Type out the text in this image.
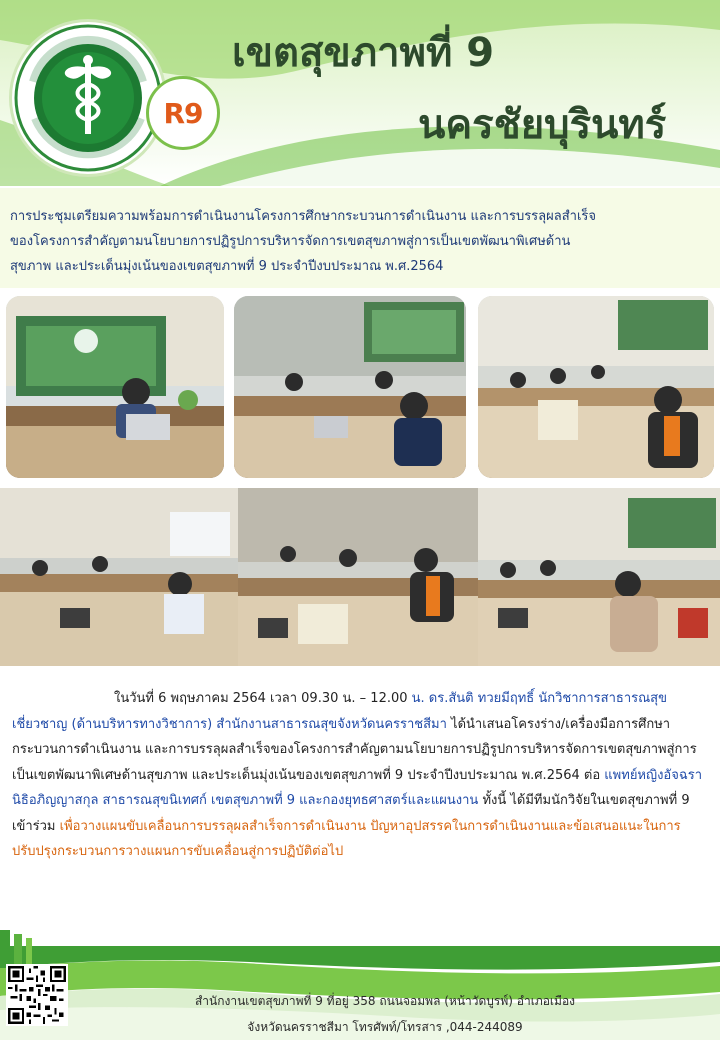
R9
เขตสุขภาพที่ 9
นครชัยบุรินทร์
การประชุมเตรียมความพร้อมการดำเนินงานโครงการศึกษากระบวนการดำเนินงาน และการบรรลุผลสำเร็จ
ของโครงการสำคัญตามนโยบายการปฏิรูปการบริหารจัดการเขตสุขภาพสู่การเป็นเขตพัฒนาพิเศษด้าน
สุขภาพ และประเด็นมุ่งเน้นของเขตสุขภาพที่ 9 ประจำปีงบประมาณ พ.ศ.2564

ในวันที่ 6 พฤษภาคม 2564 เวลา 09.30 น. – 12.00 น. ดร.สันติ ทวยมีฤทธิ์ นักวิชาการสาธารณสุขเชี่ยวชาญ (ด้านบริหารทางวิชาการ) สำนักงานสาธารณสุขจังหวัดนครราชสีมา ได้นำเสนอโครงร่าง/เครื่องมือการศึกษากระบวนการดำเนินงาน และการบรรลุผลสำเร็จของโครงการสำคัญตามนโยบายการปฏิรูปการบริหารจัดการเขตสุขภาพสู่การเป็นเขตพัฒนาพิเศษด้านสุขภาพ และประเด็นมุ่งเน้นของเขตสุขภาพที่ 9 ประจำปีงบประมาณ พ.ศ.2564 ต่อ แพทย์หญิงอัจฉรา นิธิอภิญญาสกุล สาธารณสุขนิเทศก์ เขตสุขภาพที่ 9 และกองยุทธศาสตร์และแผนงาน ทั้งนี้ ได้มีทีมนักวิจัยในเขตสุขภาพที่ 9 เข้าร่วม เพื่อวางแผนขับเคลื่อนการบรรลุผลสำเร็จการดำเนินงาน ปัญหาอุปสรรคในการดำเนินงานและข้อเสนอแนะในการปรับปรุงกระบวนการวางแผนการขับเคลื่อนสู่การปฏิบัติต่อไป

สำนักงานเขตสุขภาพที่ 9 ที่อยู่ 358 ถนนจอมพล (หน้าวัดบูรพ์) อำเภอเมือง
จังหวัดนครราชสีมา โทรศัพท์/โทรสาร ,044-244089
